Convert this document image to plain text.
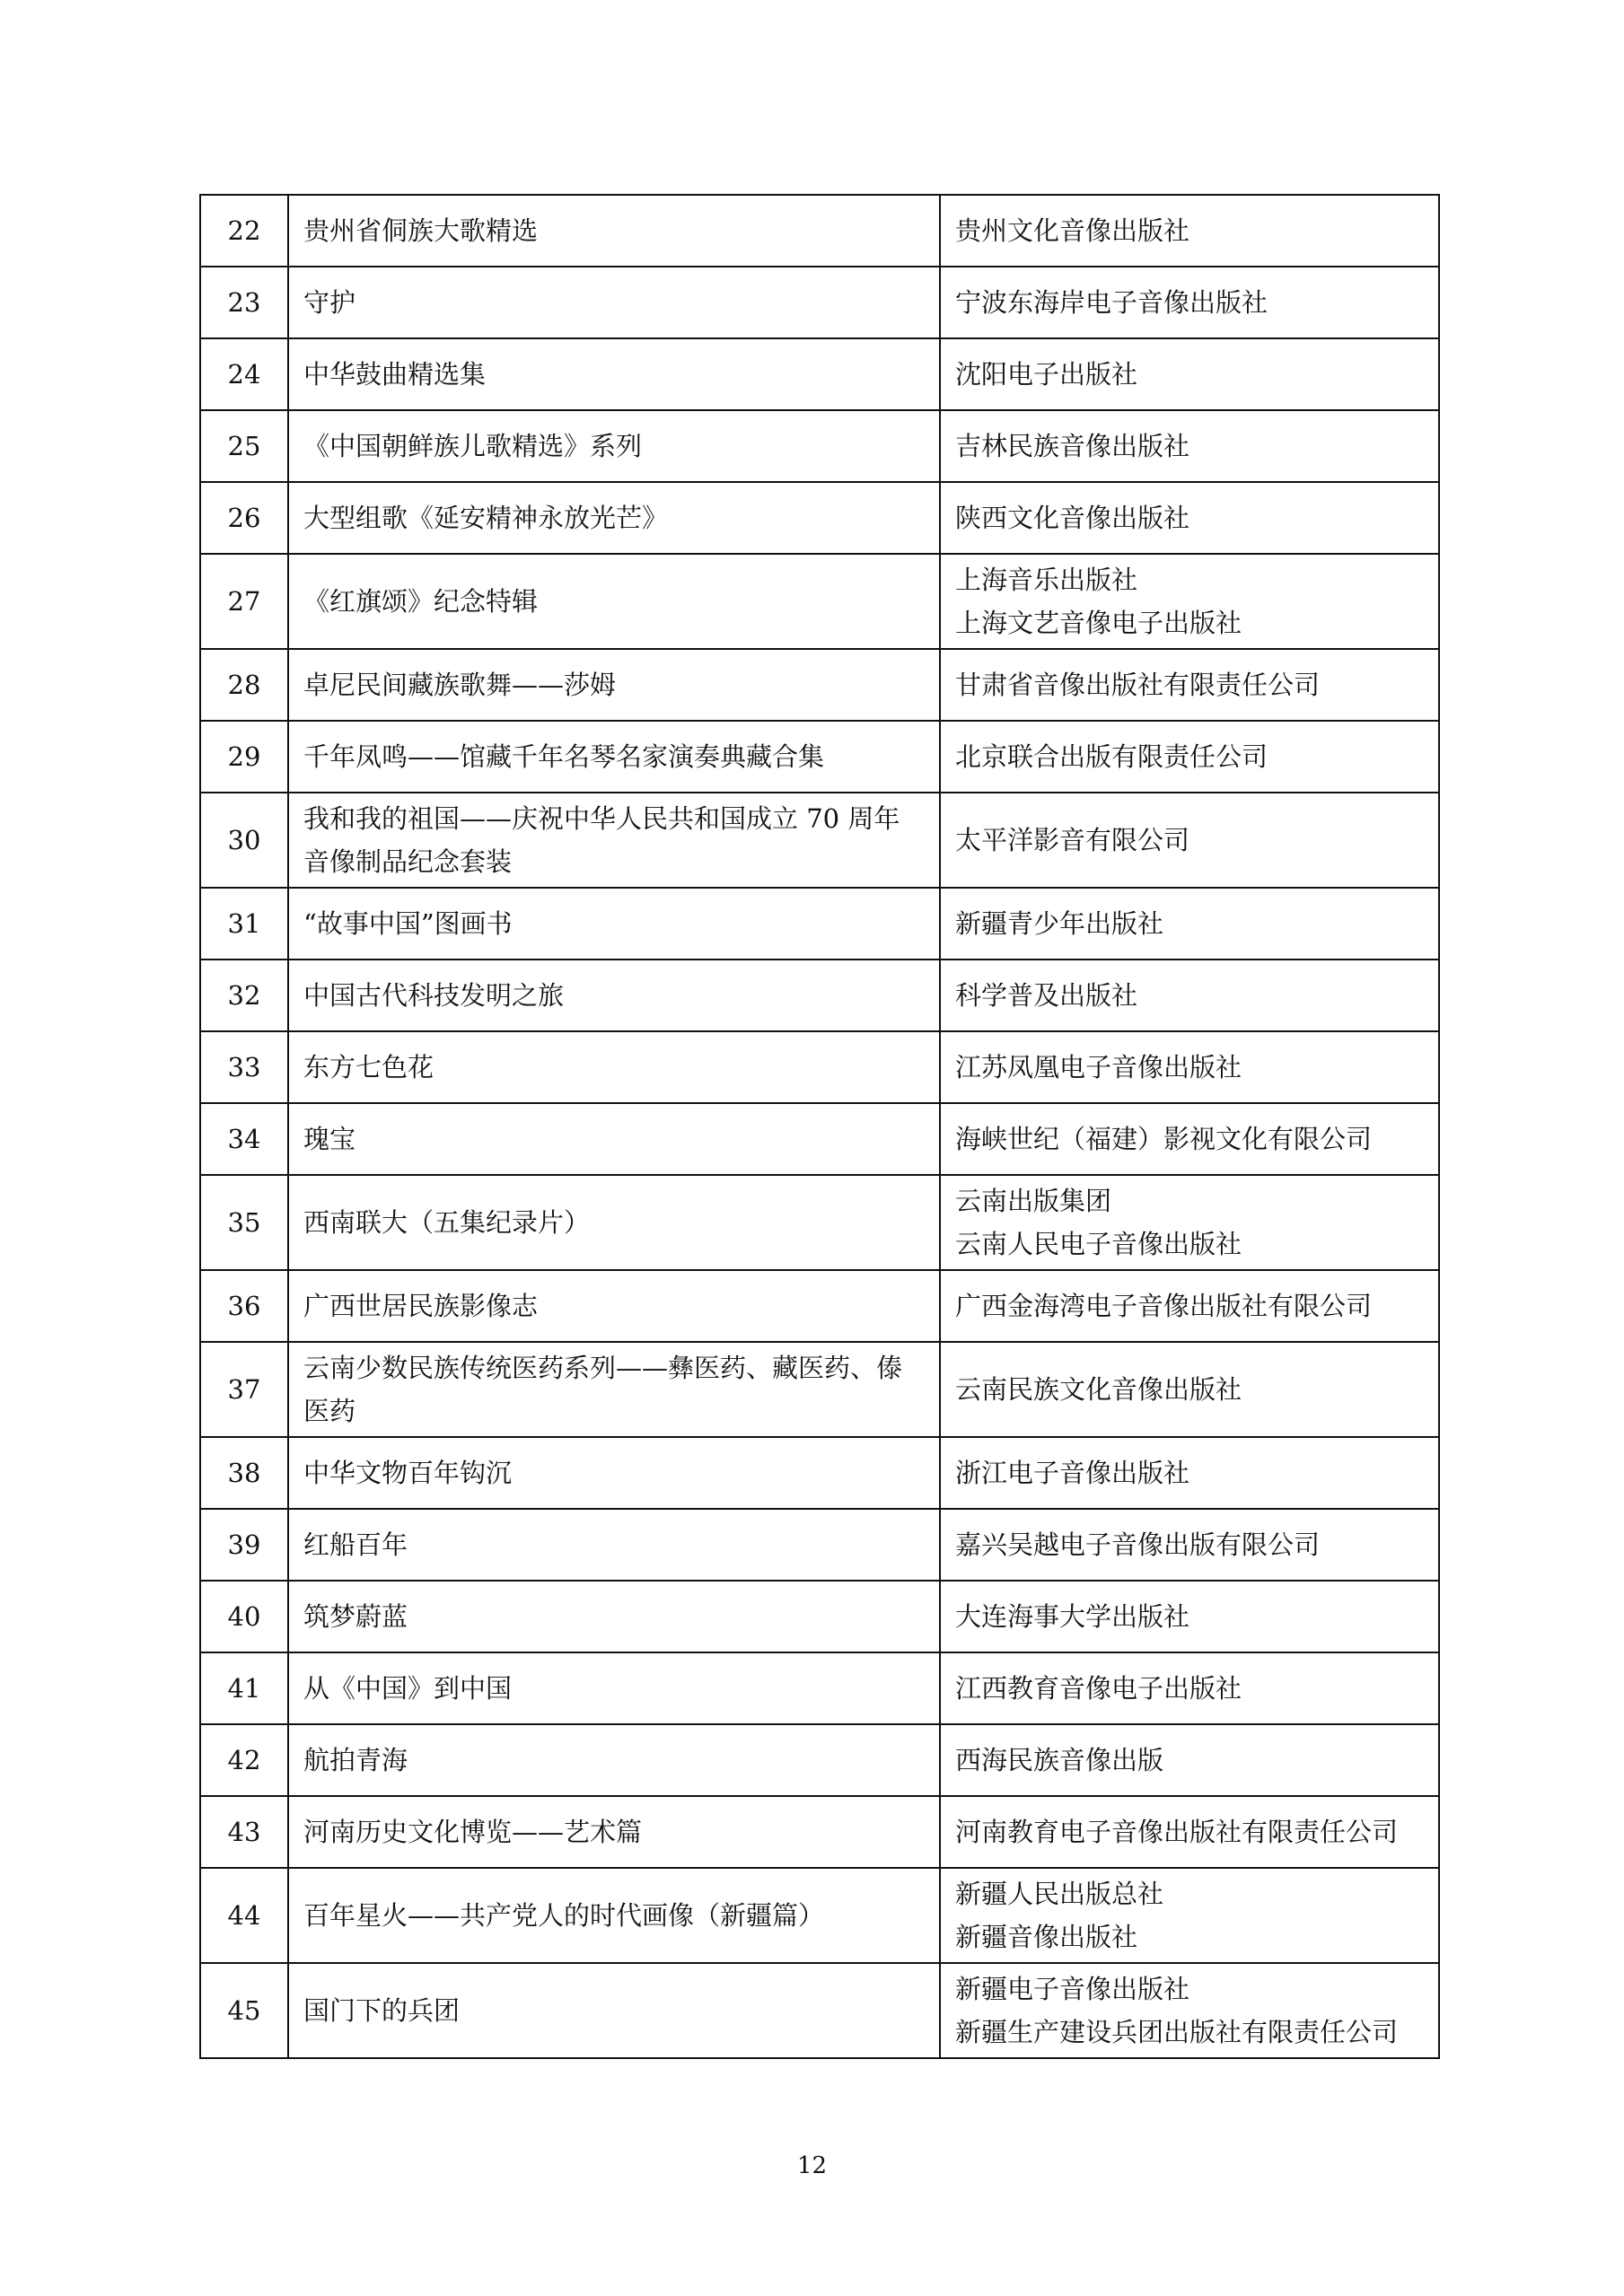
22	贵州省侗族大歌精选	贵州文化音像出版社

23	守护	宁波东海岸电子音像出版社

24	中华鼓曲精选集	沈阳电子出版社

25	《中国朝鲜族儿歌精选》系列	吉林民族音像出版社

26	大型组歌《延安精神永放光芒》	陕西文化音像出版社

27	《红旗颂》纪念特辑	上海音乐出版社
上海文艺音像电子出版社

28	卓尼民间藏族歌舞——莎姆	甘肃省音像出版社有限责任公司

29	千年凤鸣——馆藏千年名琴名家演奏典藏合集	北京联合出版有限责任公司

30	我和我的祖国——庆祝中华人民共和国成立 70 周年
音像制品纪念套装	太平洋影音有限公司

31	“故事中国”图画书	新疆青少年出版社

32	中国古代科技发明之旅	科学普及出版社

33	东方七色花	江苏凤凰电子音像出版社

34	瑰宝	海峡世纪（福建）影视文化有限公司

35	西南联大（五集纪录片）	云南出版集团
云南人民电子音像出版社

36	广西世居民族影像志	广西金海湾电子音像出版社有限公司

37	云南少数民族传统医药系列——彝医药、藏医药、傣
医药	云南民族文化音像出版社

38	中华文物百年钩沉	浙江电子音像出版社

39	红船百年	嘉兴吴越电子音像出版有限公司

40	筑梦蔚蓝	大连海事大学出版社

41	从《中国》到中国	江西教育音像电子出版社

42	航拍青海	西海民族音像出版

43	河南历史文化博览——艺术篇	河南教育电子音像出版社有限责任公司

44	百年星火——共产党人的时代画像（新疆篇）	新疆人民出版总社
新疆音像出版社

45	国门下的兵团	新疆电子音像出版社
新疆生产建设兵团出版社有限责任公司
12
